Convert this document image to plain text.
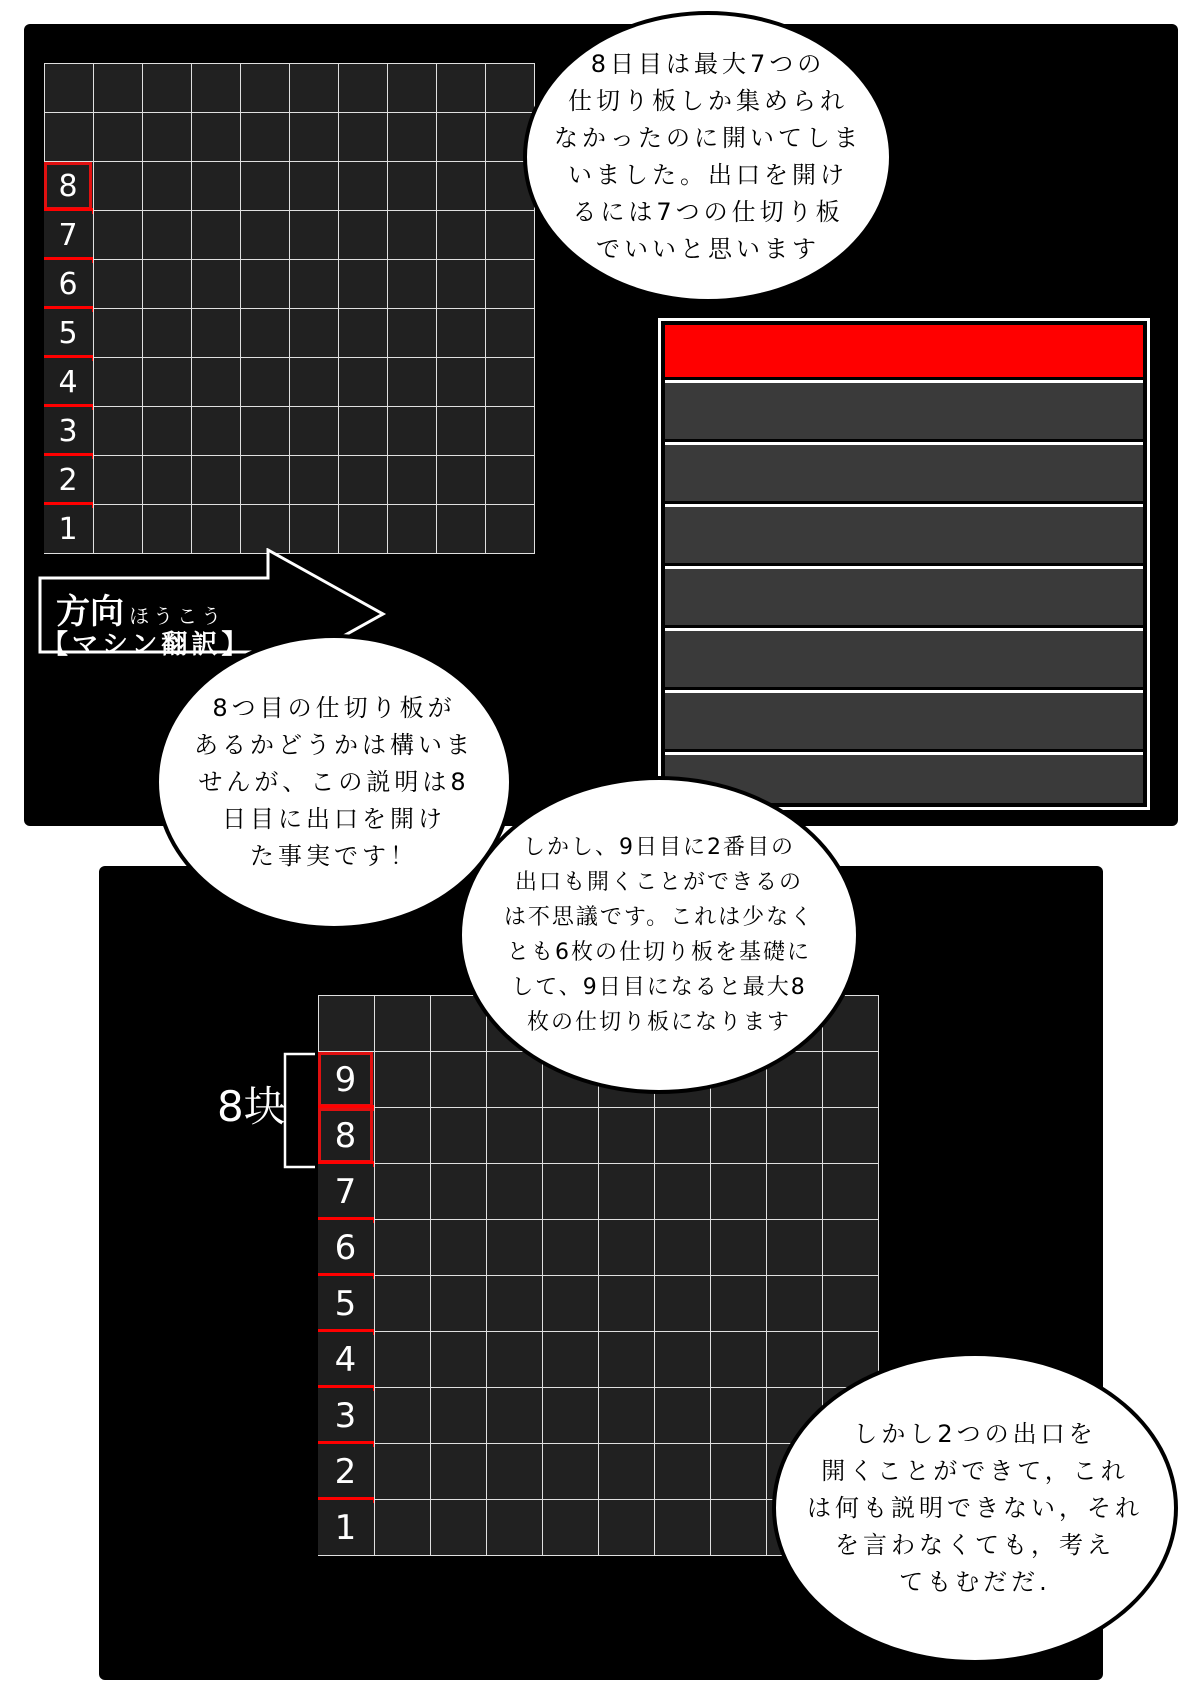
8
7
6
5
4
3
2
1
方向 ほうこう
【マシン翻訳】
9
8
7
6
5
4
3
2
1
8块
8日目は最大7つの
仕切り板しか集められ
なかったのに開いてしま
いました。出口を開け
るには7つの仕切り板
でいいと思います
8つ目の仕切り板が
あるかどうかは構いま
せんが、この説明は8
日目に出口を開け
た事実です！	しかし、9日目に2番目の
出口も開くことができるの
は不思議です。これは少なく
とも6枚の仕切り板を基礎に
して、9日目になると最大8
枚の仕切り板になります
しかし2つの出口を
開くことができて，これ
は何も説明できない，それ
を言わなくても，考え
てもむだだ.
